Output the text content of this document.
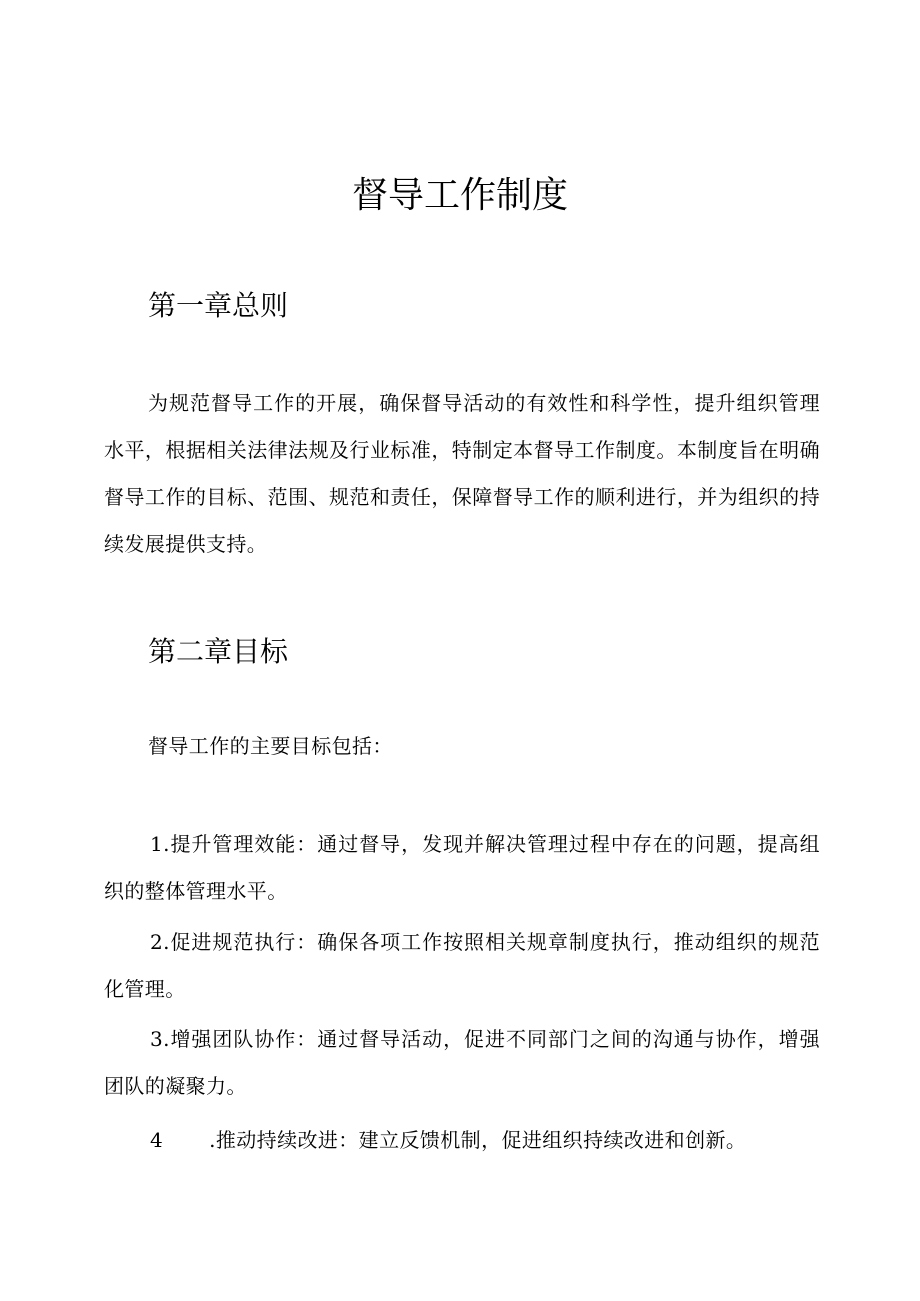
督导工作制度
第一章总则

为规范督导工作的开展，确保督导活动的有效性和科学性，提升组织管理水平，根据相关法律法规及行业标准，特制定本督导工作制度。本制度旨在明确督导工作的目标、范围、规范和责任，保障督导工作的顺利进行，并为组织的持续发展提供支持。

第二章目标

督导工作的主要目标包括：

1.提升管理效能：通过督导，发现并解决管理过程中存在的问题，提高组织的整体管理水平。

2.促进规范执行：确保各项工作按照相关规章制度执行，推动组织的规范化管理。

3.增强团队协作：通过督导活动，促进不同部门之间的沟通与协作，增强团队的凝聚力。

4 .推动持续改进：建立反馈机制，促进组织持续改进和创新。
